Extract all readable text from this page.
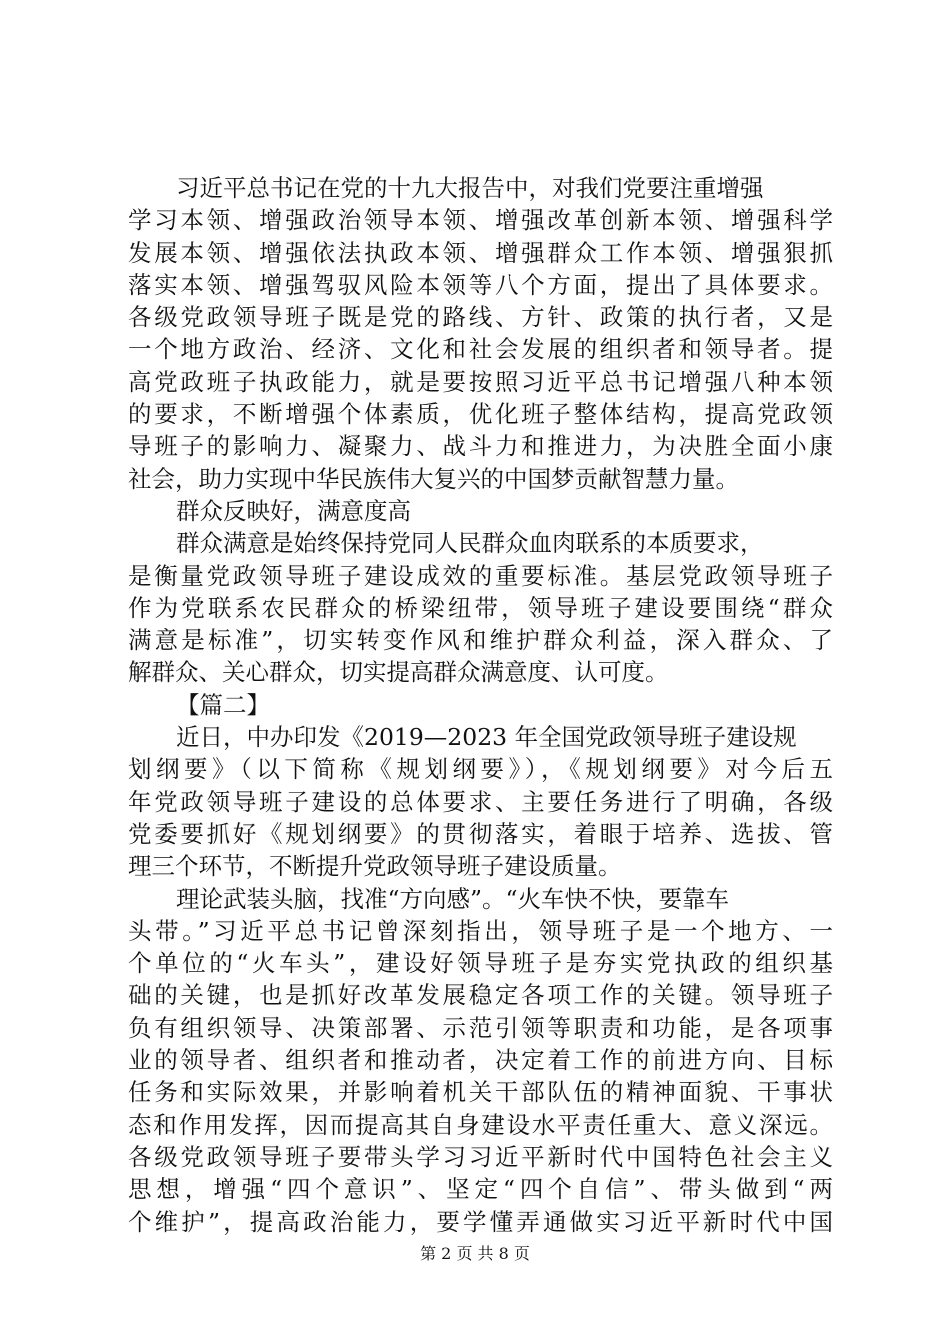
习近平总书记在党的十九大报告中，对我们党要注重增强
学习本领、增强政治领导本领、增强改革创新本领、增强科学
发展本领、增强依法执政本领、增强群众工作本领、增强狠抓
落实本领、增强驾驭风险本领等八个方面，提出了具体要求。
各级党政领导班子既是党的路线、方针、政策的执行者，又是
一个地方政治、经济、文化和社会发展的组织者和领导者。提
高党政班子执政能力，就是要按照习近平总书记增强八种本领
的要求，不断增强个体素质，优化班子整体结构，提高党政领
导班子的影响力、凝聚力、战斗力和推进力，为决胜全面小康
社会，助力实现中华民族伟大复兴的中国梦贡献智慧力量。
群众反映好，满意度高
群众满意是始终保持党同人民群众血肉联系的本质要求，
是衡量党政领导班子建设成效的重要标准。基层党政领导班子
作为党联系农民群众的桥梁纽带，领导班子建设要围绕“群众
满意是标准”，切实转变作风和维护群众利益，深入群众、了
解群众、关心群众，切实提高群众满意度、认可度。
【篇二】
近日，中办印发《2019—2023 年全国党政领导班子建设规
划纲要》（以下简称《规划纲要》），《规划纲要》对今后五
年党政领导班子建设的总体要求、主要任务进行了明确，各级
党委要抓好《规划纲要》的贯彻落实，着眼于培养、选拔、管
理三个环节，不断提升党政领导班子建设质量。
理论武装头脑，找准“方向感”。“火车快不快，要靠车
头带。”习近平总书记曾深刻指出，领导班子是一个地方、一
个单位的“火车头”，建设好领导班子是夯实党执政的组织基
础的关键，也是抓好改革发展稳定各项工作的关键。领导班子
负有组织领导、决策部署、示范引领等职责和功能，是各项事
业的领导者、组织者和推动者，决定着工作的前进方向、目标
任务和实际效果，并影响着机关干部队伍的精神面貌、干事状
态和作用发挥，因而提高其自身建设水平责任重大、意义深远。
各级党政领导班子要带头学习习近平新时代中国特色社会主义
思想，增强“四个意识”、坚定“四个自信”、带头做到“两
个维护”，提高政治能力，要学懂弄通做实习近平新时代中国
第 2 页 共 8 页
